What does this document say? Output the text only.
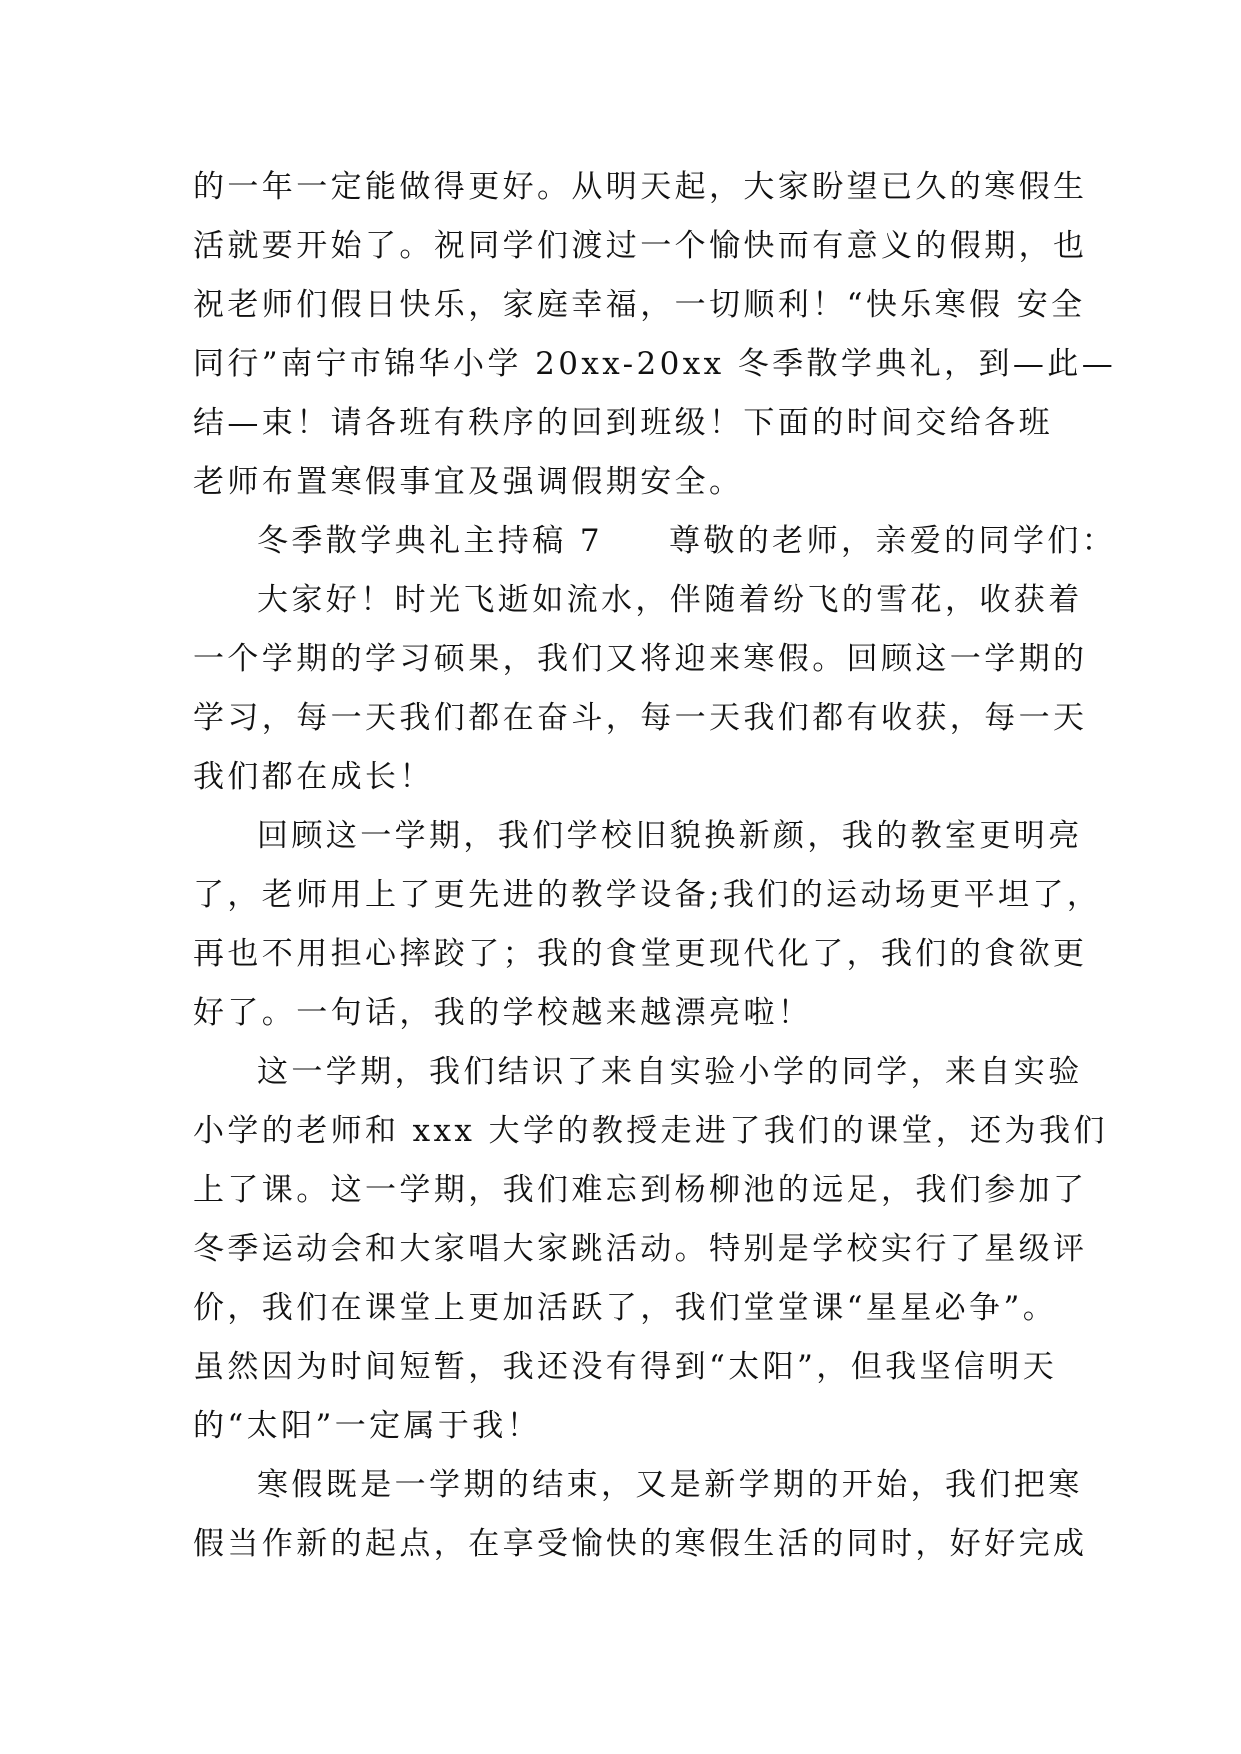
的一年一定能做得更好。从明天起，大家盼望已久的寒假生
活就要开始了。祝同学们渡过一个愉快而有意义的假期，也
祝老师们假日快乐，家庭幸福，一切顺利！“快乐寒假 安全
同行”南宁市锦华小学 20xx-20xx 冬季散学典礼，到—此—
结—束！请各班有秩序的回到班级！下面的时间交给各班
老师布置寒假事宜及强调假期安全。
冬季散学典礼主持稿 7 尊敬的老师，亲爱的同学们：
大家好！时光飞逝如流水，伴随着纷飞的雪花，收获着
一个学期的学习硕果，我们又将迎来寒假。回顾这一学期的
学习，每一天我们都在奋斗，每一天我们都有收获，每一天
我们都在成长！
回顾这一学期，我们学校旧貌换新颜，我的教室更明亮
了，老师用上了更先进的教学设备;我们的运动场更平坦了，
再也不用担心摔跤了；我的食堂更现代化了，我们的食欲更
好了。一句话，我的学校越来越漂亮啦！
这一学期，我们结识了来自实验小学的同学，来自实验
小学的老师和 xxx 大学的教授走进了我们的课堂，还为我们
上了课。这一学期，我们难忘到杨柳池的远足，我们参加了
冬季运动会和大家唱大家跳活动。特别是学校实行了星级评
价，我们在课堂上更加活跃了，我们堂堂课“星星必争”。
虽然因为时间短暂，我还没有得到“太阳”，但我坚信明天
的“太阳”一定属于我！
寒假既是一学期的结束，又是新学期的开始，我们把寒
假当作新的起点，在享受愉快的寒假生活的同时，好好完成
